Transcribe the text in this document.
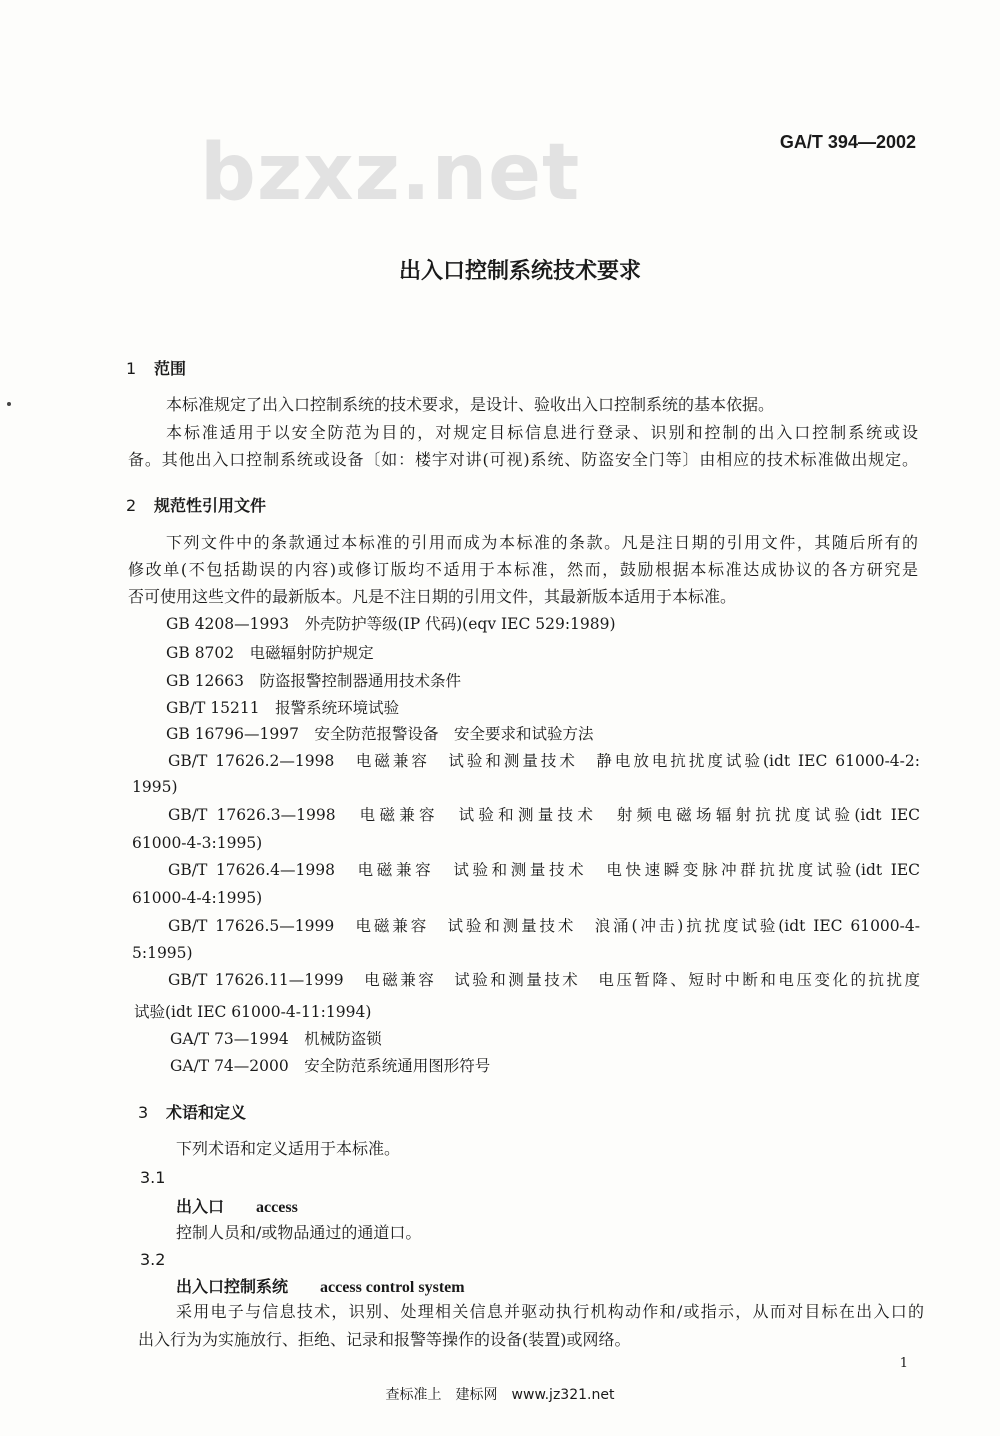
bzxz.net	GA/T 394—2002
出入口控制系统技术要求
1 范围
本标准规定了出入口控制系统的技术要求，是设计、验收出入口控制系统的基本依据。
本标准适用于以安全防范为目的，对规定目标信息进行登录、识别和控制的出入口控制系统或设
备。其他出入口控制系统或设备〔如：楼宇对讲(可视)系统、防盗安全门等〕由相应的技术标准做出规定。
2 规范性引用文件
下列文件中的条款通过本标准的引用而成为本标准的条款。凡是注日期的引用文件，其随后所有的
修改单(不包括勘误的内容)或修订版均不适用于本标准，然而，鼓励根据本标准达成协议的各方研究是
否可使用这些文件的最新版本。凡是不注日期的引用文件，其最新版本适用于本标准。
GB 4208—1993　 外壳防护等级(IP 代码)(eqv IEC 529:1989)
GB 8702　 电磁辐射防护规定
GB 12663　 防盗报警控制器通用技术条件
GB/T 15211　 报警系统环境试验
GB 16796—1997　 安全防范报警设备　安全要求和试验方法
GB/T 17626.2—1998　电磁兼容　试验和测量技术　静电放电抗扰度试验(idt IEC 61000-4-2:
1995)
GB/T 17626.3—1998　电磁兼容　试验和测量技术　射频电磁场辐射抗扰度试验(idt IEC
61000-4-3:1995)
GB/T 17626.4—1998　电磁兼容　试验和测量技术　电快速瞬变脉冲群抗扰度试验(idt IEC
61000-4-4:1995)
GB/T 17626.5—1999　电磁兼容　试验和测量技术　浪涌(冲击)抗扰度试验(idt IEC 61000-4-
5:1995)
GB/T 17626.11—1999　电磁兼容　试验和测量技术　电压暂降、短时中断和电压变化的抗扰度
试验(idt IEC 61000-4-11:1994)
GA/T 73—1994　 机械防盗锁
GA/T 74—2000　 安全防范系统通用图形符号
3 术语和定义
下列术语和定义适用于本标准。
3.1
出入口　　 access
控制人员和/或物品通过的通道口。
3.2
出入口控制系统　　 access control system
采用电子与信息技术，识别、处理相关信息并驱动执行机构动作和/或指示，从而对目标在出入口的
出入行为为实施放行、拒绝、记录和报警等操作的设备(装置)或网络。
1
查标准上　建标网　www.jz321.net
